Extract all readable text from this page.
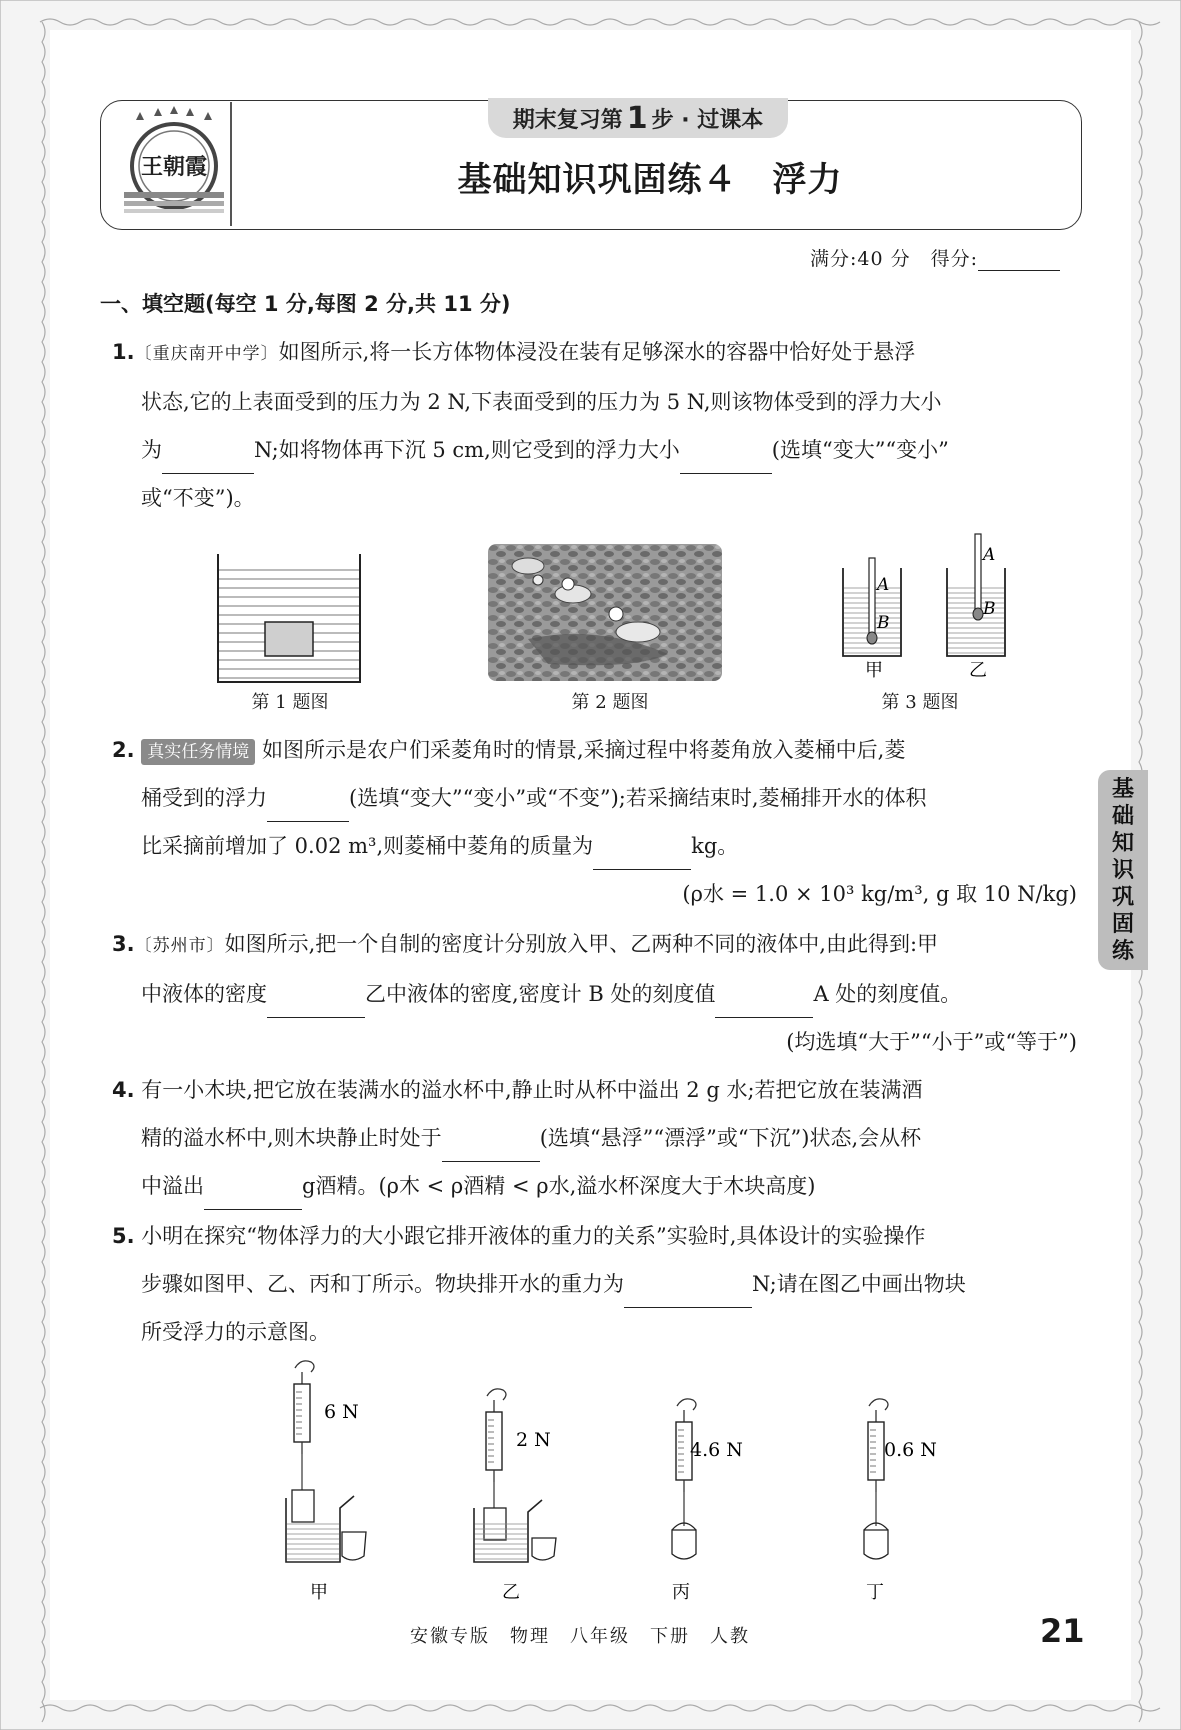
王朝霞
期末复习第 1 步 · 过课本
基础知识巩固练４　浮力
满分:40 分　得分:
一、填空题(每空 1 分,每图 2 分,共 11 分)
1.〔重庆南开中学〕如图所示,将一长方体物体浸没在装有足够深水的容器中恰好处于悬浮
状态,它的上表面受到的压力为 2 N,下表面受到的压力为 5 N,则该物体受到的浮力大小
为	N;如将物体再下沉 5 cm,则它受到的浮力大小	(选填“变大”“变小”
或“不变”)。
第 1 题图	第 2 题图
A
B
A
B
甲	乙
第 3 题图
2. 真实任务情境 如图所示是农户们采菱角时的情景,采摘过程中将菱角放入菱桶中后,菱
桶受到的浮力	(选填“变大”“变小”或“不变”);若采摘结束时,菱桶排开水的体积
比采摘前增加了 0.02 m³,则菱桶中菱角的质量为	kg。
(ρ水 = 1.0 × 10³ kg/m³, g 取 10 N/kg)
3.〔苏州市〕如图所示,把一个自制的密度计分别放入甲、乙两种不同的液体中,由此得到:甲
中液体的密度	乙中液体的密度,密度计 B 处的刻度值	A 处的刻度值。
(均选填“大于”“小于”或“等于”)
4. 有一小木块,把它放在装满水的溢水杯中,静止时从杯中溢出 2 g 水;若把它放在装满酒
精的溢水杯中,则木块静止时处于	(选填“悬浮”“漂浮”或“下沉”)状态,会从杯
中溢出	g酒精。(ρ木 < ρ酒精 < ρ水,溢水杯深度大于木块高度)
5. 小明在探究“物体浮力的大小跟它排开液体的重力的关系”实验时,具体设计的实验操作
步骤如图甲、乙、丙和丁所示。物块排开水的重力为	N;请在图乙中画出物块
所受浮力的示意图。
6 N
甲
2 N
乙
4.6 N
丙
0.6 N
丁
基
础
知
识
巩
固
练
安徽专版　物理　八年级　下册　人教	21
